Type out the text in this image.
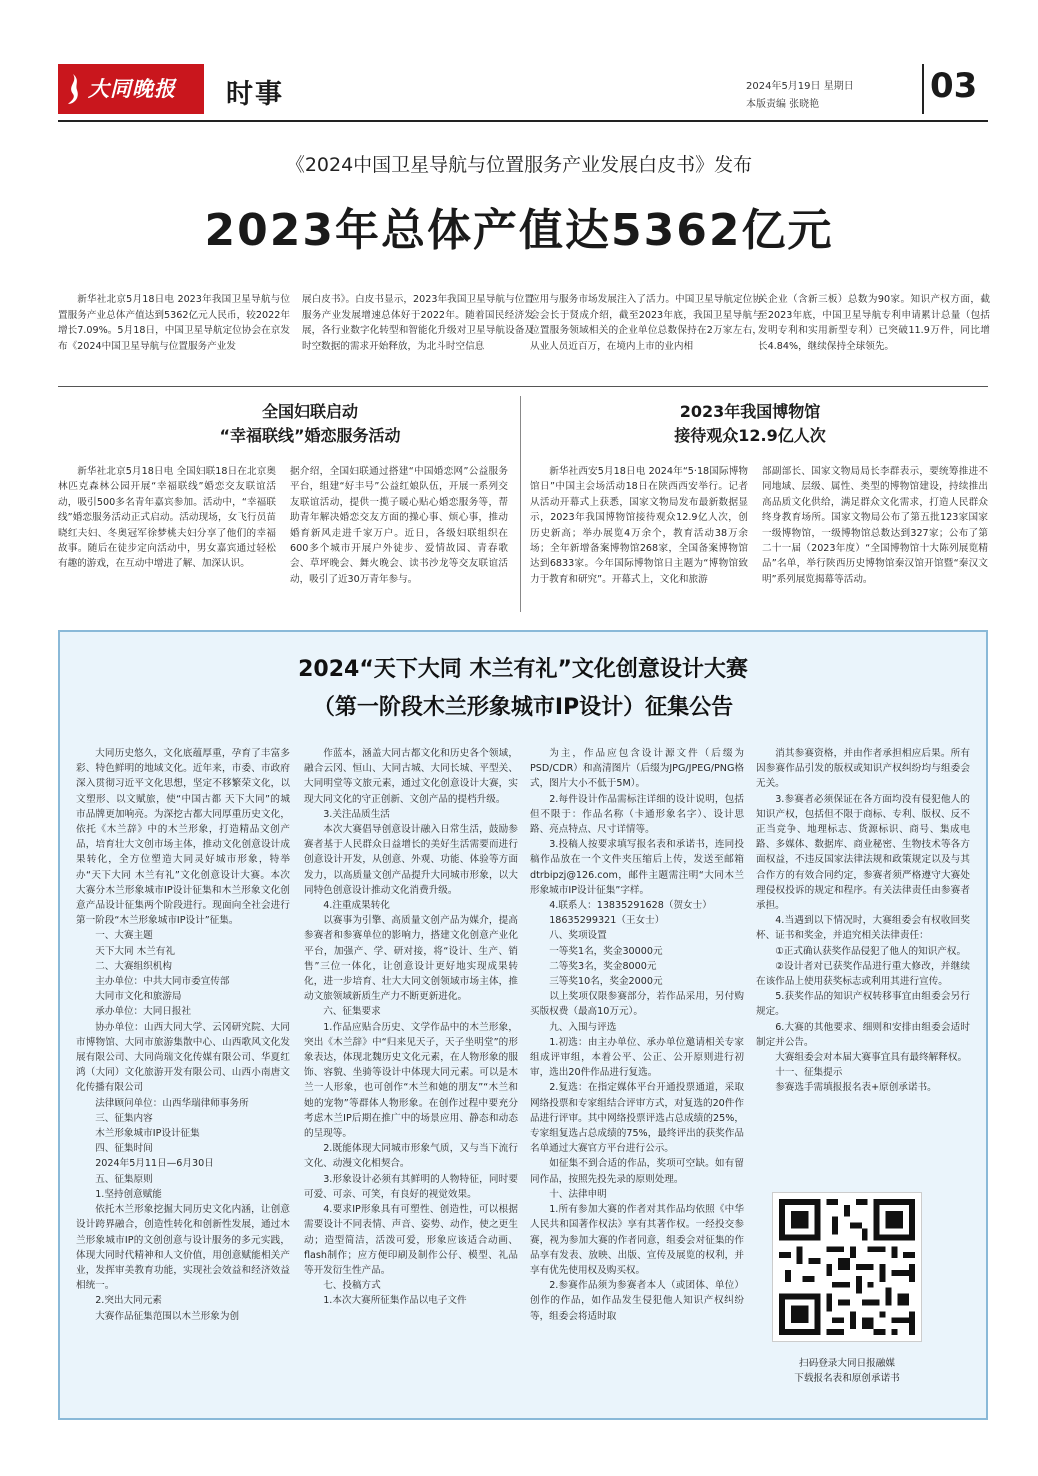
大同晚报 时事	2024年5月19日 星期日
本版责编 张晓艳	03
《2024中国卫星导航与位置服务产业发展白皮书》发布
2023年总体产值达5362亿元
新华社北京5月18日电 2023年我国卫星导航与位置服务产业总体产值达到5362亿元人民币，较2022年增长7.09%。5月18日，中国卫星导航定位协会在京发布《2024中国卫星导航与位置服务产业发
展白皮书》。白皮书显示，2023年我国卫星导航与位置服务产业发展增速总体好于2022年。随着国民经济发展，各行业数字化转型和智能化升级对卫星导航设备及时空数据的需求开始释放，为北斗时空信息
应用与服务市场发展注入了活力。中国卫星导航定位协会会长于贤成介绍，截至2023年底，我国卫星导航与位置服务领域相关的企业单位总数保持在2万家左右，从业人员近百万，在境内上市的业内相
关企业（含新三板）总数为90家。知识产权方面，截至2023年底，中国卫星导航专利申请累计总量（包括发明专利和实用新型专利）已突破11.9万件，同比增长4.84%，继续保持全球领先。
全国妇联启动
“幸福联线”婚恋服务活动
新华社北京5月18日电 全国妇联18日在北京奥林匹克森林公园开展“幸福联线”婚恋交友联谊活动，吸引500多名青年嘉宾参加。活动中，“幸福联线”婚恋服务活动正式启动。活动现场，女飞行员苗晓红夫妇、冬奥冠军徐梦桃夫妇分享了他们的幸福故事。随后在徒步定向活动中，男女嘉宾通过轻松有趣的游戏，在互动中增进了解、加深认识。
据介绍，全国妇联通过搭建“中国婚恋网”公益服务平台，组建“好丰号”公益红娘队伍，开展一系列交友联谊活动，提供一揽子暖心贴心婚恋服务等，帮助青年解决婚恋交友方面的操心事、烦心事，推动婚育新风走进千家万户。近日，各级妇联组织在600多个城市开展户外徒步、爱情故园、青春歌会、草坪晚会、舞火晚会、读书沙龙等交友联谊活动，吸引了近30万青年参与。
2023年我国博物馆
接待观众12.9亿人次
新华社西安5月18日电 2024年“5·18国际博物馆日”中国主会场活动18日在陕西西安举行。记者从活动开幕式上获悉，国家文物局发布最新数据显示，2023年我国博物馆接待观众12.9亿人次，创历史新高；举办展览4万余个，教育活动38万余场；全年新增备案博物馆268家，全国备案博物馆达到6833家。今年国际博物馆日主题为“博物馆致力于教育和研究”。开幕式上，文化和旅游
部副部长、国家文物局局长李群表示，要统筹推进不同地域、层级、属性、类型的博物馆建设，持续推出高品质文化供给，满足群众文化需求，打造人民群众终身教育场所。国家文物局公布了第五批123家国家一级博物馆，一级博物馆总数达到327家；公布了第二十一届（2023年度）“全国博物馆十大陈列展览精品”名单，举行陕西历史博物馆秦汉馆开馆暨“秦汉文明”系列展览揭幕等活动。
2024“天下大同 木兰有礼”文化创意设计大赛
（第一阶段木兰形象城市IP设计）征集公告

大同历史悠久，文化底蕴厚重，孕育了丰富多彩、特色鲜明的地域文化。近年来，市委、市政府深入贯彻习近平文化思想，坚定不移繁荣文化，以文塑形、以文赋旅，使“中国古都 天下大同”的城市品牌更加响亮。为深挖古都大同厚重历史文化，依托《木兰辞》中的木兰形象，打造精品文创产品，培育壮大文创市场主体，推动文化创意设计成果转化，全方位塑造大同灵好城市形象，特举办“天下大同 木兰有礼”文化创意设计大赛。本次大赛分木兰形象城市IP设计征集和木兰形象文化创意产品设计征集两个阶段进行。现面向全社会进行第一阶段“木兰形象城市IP设计”征集。

一、大赛主题

天下大同 木兰有礼

二、大赛组织机构

主办单位：中共大同市委宣传部

大同市文化和旅游局

承办单位：大同日报社

协办单位：山西大同大学、云冈研究院、大同市博物馆、大同市旅游集散中心、山西歌风文化发展有限公司、大同尚瑞文化传媒有限公司、华夏红鸿（大同）文化旅游开发有限公司、山西小南唐文化传播有限公司

法律顾问单位：山西华瑞律师事务所

三、征集内容

木兰形象城市IP设计征集

四、征集时间

2024年5月11日—6月30日

五、征集原则

1.坚持创意赋能

依托木兰形象挖掘大同历史文化内涵，让创意设计跨界融合，创造性转化和创新性发展，通过木兰形象城市IP的文创创意与设计服务的多元实践，体现大同时代精神和人文价值，用创意赋能相关产业，发挥审美教育功能，实现社会效益和经济效益相统一。

2.突出大同元素

大赛作品征集范围以木兰形象为创

作蓝本，涵盖大同古都文化和历史各个领域，融合云冈、恒山、大同古城、大同长城、平型关、大同明堂等文旅元素，通过文化创意设计大赛，实现大同文化的守正创新、文创产品的提档升级。

3.关注品质生活

本次大赛倡导创意设计融入日常生活，鼓励参赛者基于人民群众日益增长的美好生活需要而进行创意设计开发，从创意、外观、功能、体验等方面发力，以高质量文创产品提升大同城市形象，以大同特色创意设计推动文化消费升级。

4.注重成果转化

以赛事为引擎、高质量文创产品为媒介，提高参赛者和参赛单位的影响力，搭建文化创意产业化平台，加强产、学、研对接，将“设计、生产、销售”三位一体化，让创意设计更好地实现成果转化，进一步培育、壮大大同文创领域市场主体，推动文旅领域新质生产力不断更新进化。

六、征集要求

1.作品应贴合历史、文学作品中的木兰形象，突出《木兰辞》中“归来见天子，天子坐明堂”的形象表达，体现北魏历史文化元素，在人物形象的服饰、容貌、坐骑等设计中体现大同元素。可以是木兰一人形象，也可创作“木兰和她的朋友”“木兰和她的宠物”等群体人物形象。在创作过程中要充分考虑木兰IP后期在推广中的场景应用、静态和动态的呈现等。

2.既能体现大同城市形象气质，又与当下流行文化、动漫文化相契合。

3.形象设计必须有其鲜明的人物特征，同时要可爱、可亲、可笑，有良好的视觉效果。

4.要求IP形象具有可塑性、创造性，可以根据需要设计不同表情、声音、姿势、动作，使之更生动；造型简洁，活泼可爱，形象应该适合动画、flash制作；应方便印刷及制作公仔、模型、礼品等开发衍生性产品。

七、投稿方式

1.本次大赛所征集作品以电子文件

为主，作品应包含设计源文件（后缀为PSD/CDR）和高清图片（后缀为JPG/JPEG/PNG格式，图片大小不低于5M）。

2.每件设计作品需标注详细的设计说明，包括但不限于：作品名称（卡通形象名字）、设计思路、亮点特点、尺寸详情等。

3.投稿人按要求填写报名表和承诺书，连同投稿作品放在一个文件夹压缩后上传，发送至邮箱 dtrbipzj@126.com，邮件主题需注明“大同木兰形象城市IP设计征集”字样。

4.联系人：13835291628（贺女士）

18635299321（王女士）

八、奖项设置

一等奖1名，奖金30000元

二等奖3名，奖金8000元

三等奖10名，奖金2000元

以上奖项仅限参赛部分，若作品采用，另付购买版权费（最高10万元）。

九、入围与评选

1.初选：由主办单位、承办单位邀请相关专家组成评审组，本着公平、公正、公开原则进行初审，选出20件作品进行复选。

2.复选：在指定媒体平台开通投票通道，采取网络投票和专家组结合评审方式，对复选的20件作品进行评审。其中网络投票评选占总成绩的25%，专家组复选占总成绩的75%，最终评出的获奖作品名单通过大赛官方平台进行公示。

如征集不到合适的作品，奖项可空缺。如有留同作品，按照先投先录的原则处理。

十、法律申明

1.所有参加大赛的作者对其作品均依照《中华人民共和国著作权法》享有其著作权。一经投交参赛，视为参加大赛的作者同意，组委会对征集的作品享有发表、放映、出版、宣传及展览的权利，并享有优先使用权及购买权。

2.参赛作品须为参赛者本人（或团体、单位）创作的作品，如作品发生侵犯他人知识产权纠纷等，组委会将适时取

消其参赛资格，并由作者承担相应后果。所有因参赛作品引发的版权或知识产权纠纷均与组委会无关。

3.参赛者必须保证在各方面均没有侵犯他人的知识产权，包括但不限于商标、专利、版权、反不正当竞争、地理标志、货源标识、商号、集成电路、多媒体、数据库、商业秘密、生物技术等各方面权益，不违反国家法律法规和政策规定以及与其合作方的有效合同约定，参赛者须严格遵守大赛处理侵权投诉的规定和程序。有关法律责任由参赛者承担。

4.当遇到以下情况时，大赛组委会有权收回奖杯、证书和奖金，并追究相关法律责任：

①正式确认获奖作品侵犯了他人的知识产权。

②设计者对已获奖作品进行重大修改，并继续在该作品上使用获奖标志或利用其进行宣传。

5.获奖作品的知识产权转移事宜由组委会另行规定。

6.大赛的其他要求、细则和安排由组委会适时制定并公告。

大赛组委会对本届大赛事宜具有最终解释权。

十一、征集提示

参赛选手需填报报名表+原创承诺书。

扫码登录大同日报融媒
下载报名表和原创承诺书
